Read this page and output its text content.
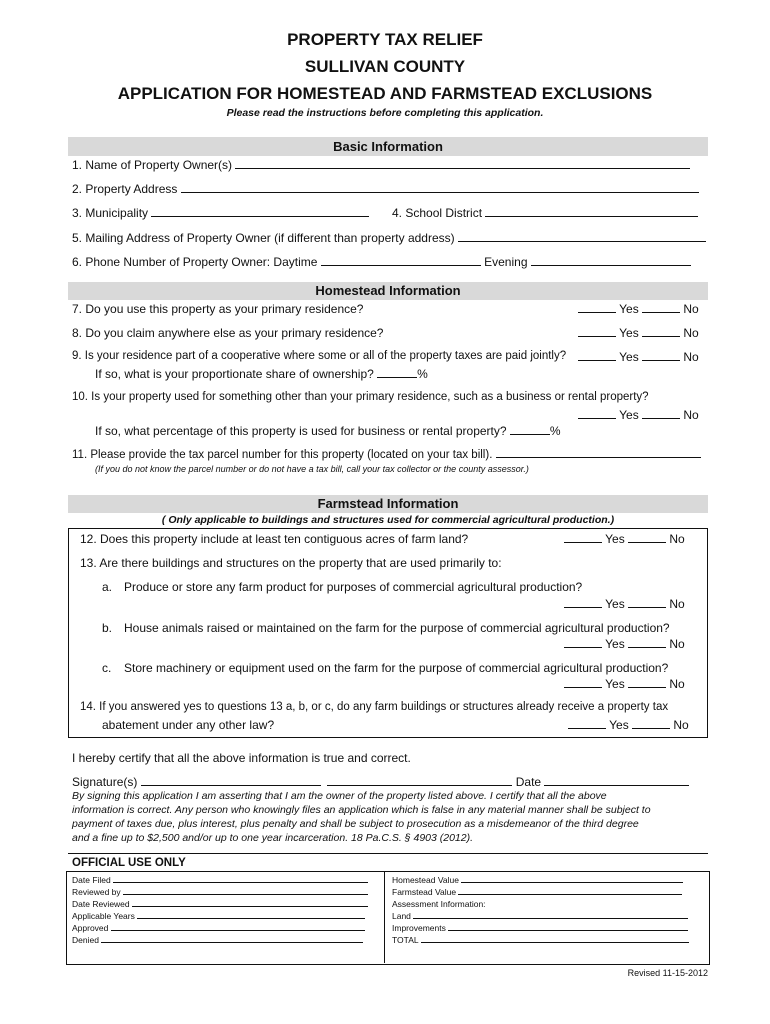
PROPERTY TAX RELIEF
SULLIVAN COUNTY
APPLICATION FOR HOMESTEAD AND FARMSTEAD EXCLUSIONS
Please read the instructions before completing this application.
Basic Information
1. Name of Property Owner(s)
2. Property Address
3. Municipality	4. School District
5. Mailing Address of Property Owner (if different than property address)
6. Phone Number of Property Owner: Daytime	Evening
Homestead Information
7. Do you use this property as your primary residence?	Yes	No
8. Do you claim anywhere else as your primary residence?	Yes	No
9. Is your residence part of a cooperative where some or all of the property taxes are paid jointly?	Yes	No
If so, what is your proportionate share of ownership?	%
10. Is your property used for something other than your primary residence, such as a business or rental property?
Yes	No
If so, what percentage of this property is used for business or rental property?	%
11. Please provide the tax parcel number for this property (located on your tax bill).
(If you do not know the parcel number or do not have a tax bill, call your tax collector or the county assessor.)
Farmstead Information
( Only applicable to buildings and structures used for commercial agricultural production.)
12. Does this property include at least ten contiguous acres of farm land?	Yes	No
13. Are there buildings and structures on the property that are used primarily to:
a. Produce or store any farm product for purposes of commercial agricultural production?
Yes	No
b. House animals raised or maintained on the farm for the purpose of commercial agricultural production?
Yes	No
c. Store machinery or equipment used on the farm for the purpose of commercial agricultural production?
Yes	No
14. If you answered yes to questions 13 a, b, or c, do any farm buildings or structures already receive a property tax
abatement under any other law?	Yes	No
I hereby certify that all the above information is true and correct.
Signature(s)	Date
By signing this application I am asserting that I am the owner of the property listed above. I certify that all the above
information is correct. Any person who knowingly files an application which is false in any material manner shall be subject to
payment of taxes due, plus interest, plus penalty and shall be subject to prosecution as a misdemeanor of the third degree
and a fine up to $2,500 and/or up to one year incarceration. 18 Pa.C.S. § 4903 (2012).
OFFICIAL USE ONLY
Date Filed
Reviewed by
Date Reviewed
Applicable Years
Approved
Denied
Homestead Value
Farmstead Value
Assessment Information:
Land
Improvements
TOTAL
Revised 11-15-2012
